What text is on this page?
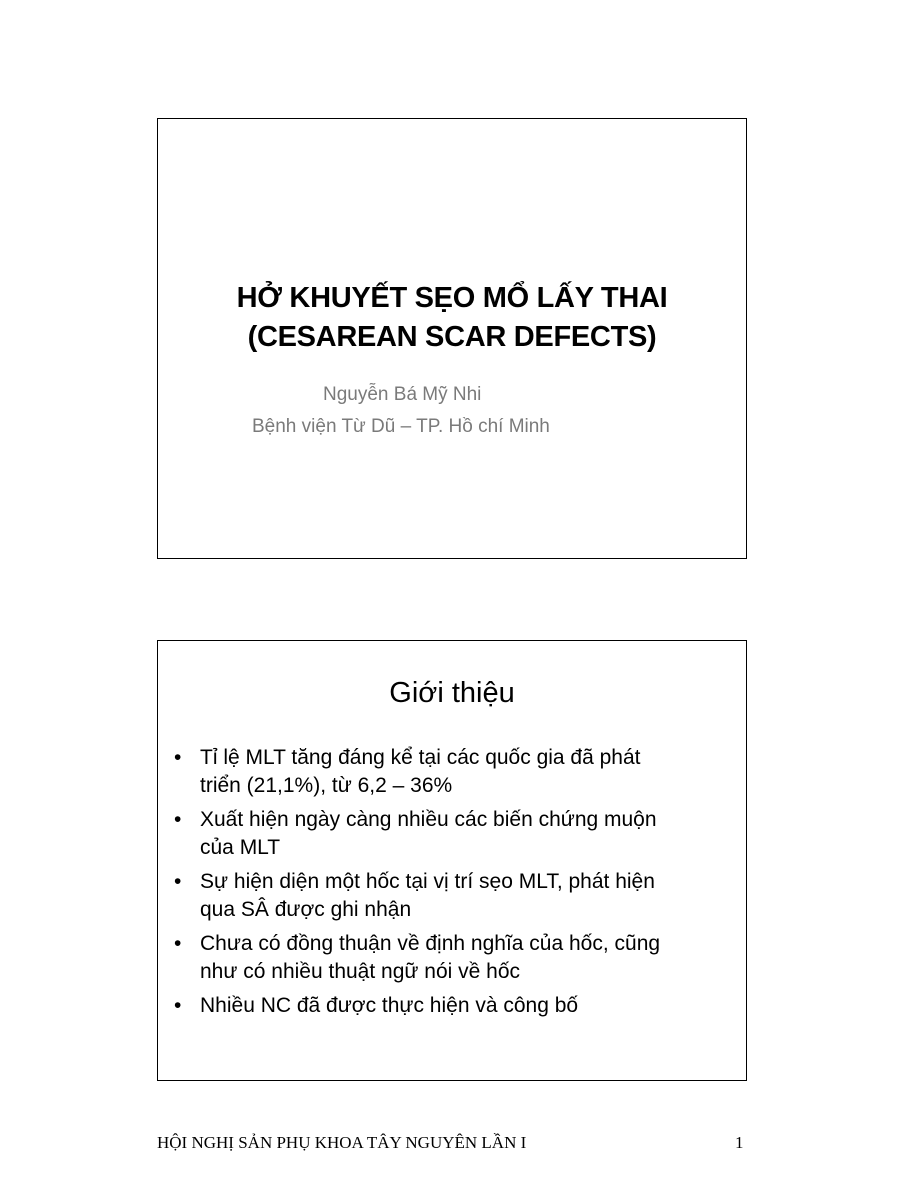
HỞ KHUYẾT SẸO MỔ LẤY THAI
(CESAREAN SCAR DEFECTS)
Nguyễn Bá Mỹ Nhi
Bệnh viện Từ Dũ – TP. Hồ chí Minh
Giới thiệu
• Tỉ lệ MLT tăng đáng kể tại các quốc gia đã phát
triển (21,1%), từ 6,2 – 36%
• Xuất hiện ngày càng nhiều các biến chứng muộn
của MLT
• Sự hiện diện một hốc tại vị trí sẹo MLT, phát hiện
qua SÂ được ghi nhận
• Chưa có đồng thuận về định nghĩa của hốc, cũng
như có nhiều thuật ngữ nói về hốc
• Nhiều NC đã được thực hiện và công bố
HỘI NGHỊ SẢN PHỤ KHOA TÂY NGUYÊN LẦN I	1
